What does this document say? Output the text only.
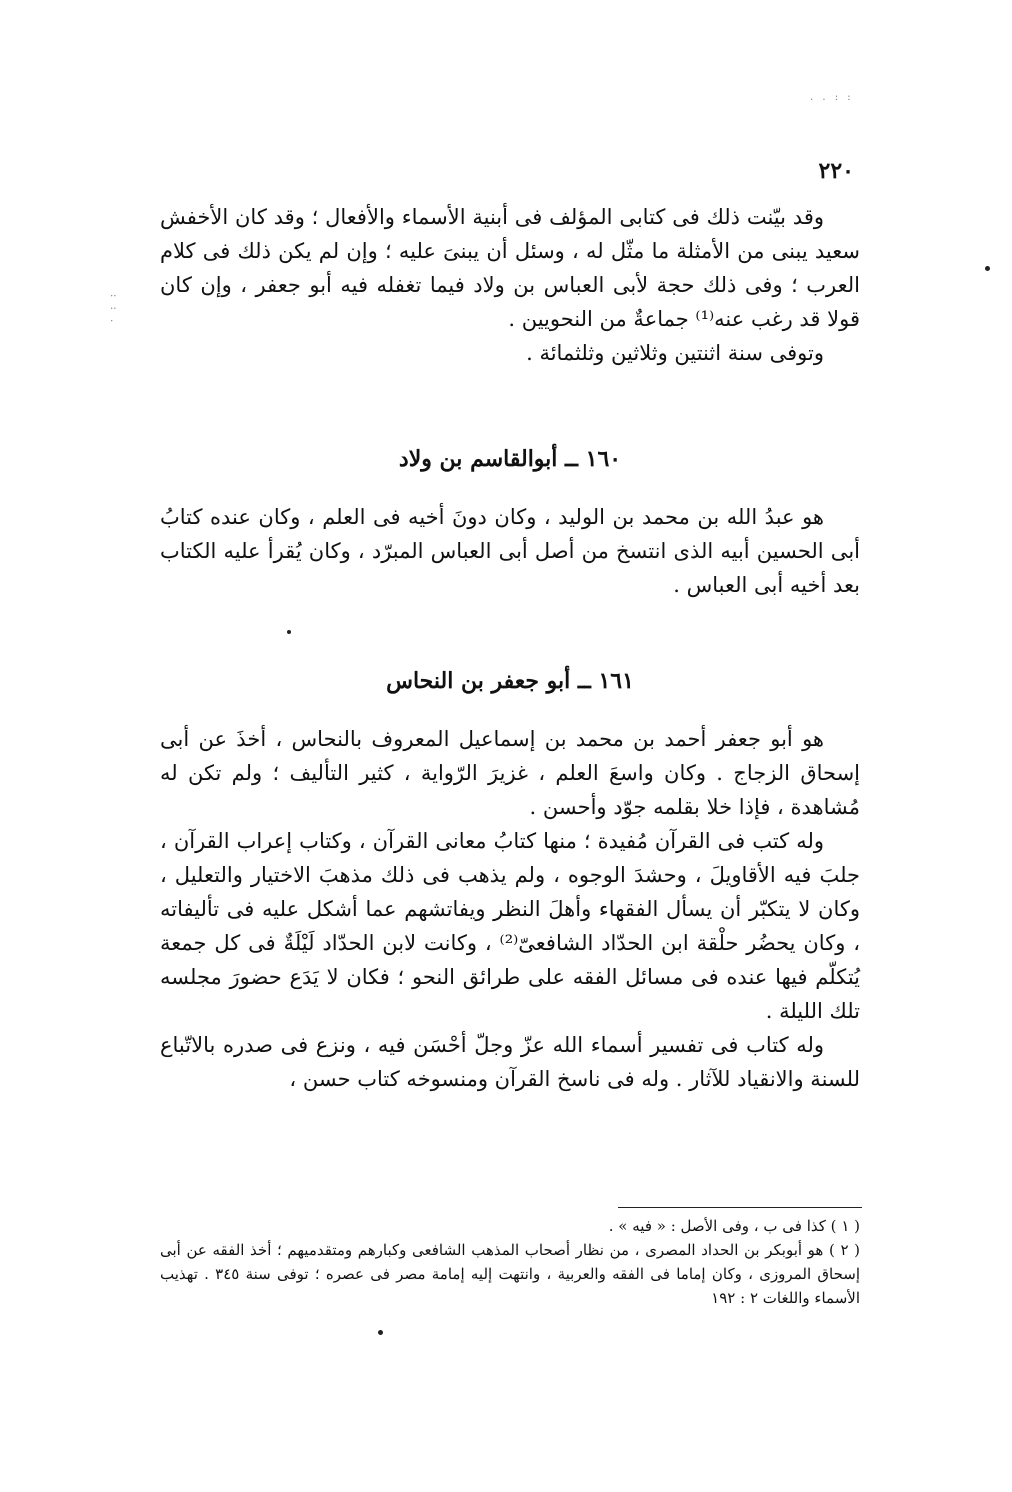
. . : :
: : .
٢٢٠

وقد بيّنت ذلك فى كتابى المؤلف فى أبنية الأسماء والأفعال ؛ وقد كان الأخفش سعيد يبنى من الأمثلة ما مثّل له ، وسئل أن يبنىَ عليه ؛ وإن لم يكن ذلك فى كلام العرب ؛ وفى ذلك حجة لأبى العباس بن ولاد فيما تغفله فيه أبو جعفر ، وإن كان قولا قد رغب عنه⁽¹⁾ جماعةٌ من النحويين .

وتوفى سنة اثنتين وثلاثين وثلثمائة .

١٦٠ ــ أبوالقاسم بن ولاد

هو عبدُ الله بن محمد بن الوليد ، وكان دونَ أخيه فى العلم ، وكان عنده كتابُ أبى الحسين أبيه الذى انتسخ من أصل أبى العباس المبرّد ، وكان يُقرأ عليه الكتاب بعد أخيه أبى العباس .

١٦١ ــ أبو جعفر بن النحاس

هو أبو جعفر أحمد بن محمد بن إسماعيل المعروف بالنحاس ، أخذَ عن أبى إسحاق الزجاج . وكان واسعَ العلم ، غزيرَ الرّواية ، كثير التأليف ؛ ولم تكن له مُشاهدة ، فإذا خلا بقلمه جوّد وأحسن .

وله كتب فى القرآن مُفيدة ؛ منها كتابُ معانى القرآن ، وكتاب إعراب القرآن ، جلبَ فيه الأقاويلَ ، وحشدَ الوجوه ، ولم يذهب فى ذلك مذهبَ الاختيار والتعليل ، وكان لا يتكبّر أن يسأل الفقهاء وأهلَ النظر ويفاتشهم عما أشكل عليه فى تأليفاته ، وكان يحضُر حلْقة ابن الحدّاد الشافعىّ⁽²⁾ ، وكانت لابن الحدّاد لَيْلَةٌ فى كل جمعة يُتكلّم فيها عنده فى مسائل الفقه على طرائق النحو ؛ فكان لا يَدَع حضورَ مجلسه تلك الليلة .

وله كتاب فى تفسير أسماء الله عزّ وجلّ أحْسَن فيه ، ونزع فى صدره بالاتّباع للسنة والانقياد للآثار . وله فى ناسخ القرآن ومنسوخه كتاب حسن ،

( ١ ) كذا فى ب ، وفى الأصل : « فيه » .

( ٢ ) هو أبوبكر بن الحداد المصرى ، من نظار أصحاب المذهب الشافعى وكبارهم ومتقدميهم ؛ أخذ الفقه عن أبى إسحاق المروزى ، وكان إماما فى الفقه والعربية ، وانتهت إليه إمامة مصر فى عصره ؛ توفى سنة ٣٤٥ . تهذيب الأسماء واللغات ٢ : ١٩٢
